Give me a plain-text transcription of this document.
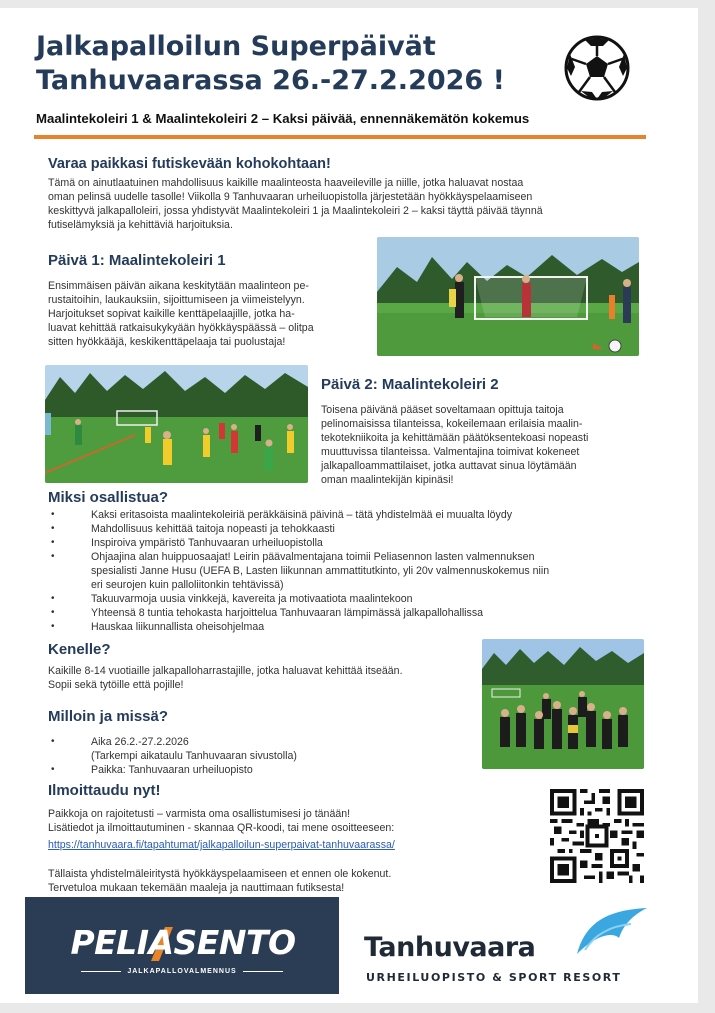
Jalkapalloilun Superpäivät
Tanhuvaarassa 26.-27.2.2026 !
Maalintekoleiri 1 & Maalintekoleiri 2 – Kaksi päivää, ennennäkemätön kokemus
Varaa paikkasi futiskevään kohokohtaan!

Tämä on ainutlaatuinen mahdollisuus kaikille maalinteosta haaveileville ja niille, jotka haluavat nostaa

oman pelinsä uudelle tasolle! Viikolla 9 Tanhuvaaran urheiluopistolla järjestetään hyökkäyspelaamiseen

keskittyvä jalkapalloleiri, jossa yhdistyvät Maalintekoleiri 1 ja Maalintekoleiri 2 – kaksi täyttä päivää täynnä

futiselämyksiä ja kehittäviä harjoituksia.

Päivä 1: Maalintekoleiri 1

Ensimmäisen päivän aikana keskitytään maalinteon pe-

rustaitoihin, laukauksiin, sijoittumiseen ja viimeistelyyn.

Harjoitukset sopivat kaikille kenttäpelaajille, jotka ha-

luavat kehittää ratkaisukykyään hyökkäyspäässä – olitpa

sitten hyökkääjä, keskikenttäpelaaja tai puolustaja!

Päivä 2: Maalintekoleiri 2

Toisena päivänä pääset soveltamaan opittuja taitoja

pelinomaisissa tilanteissa, kokeilemaan erilaisia maalin-

tekotekniikoita ja kehittämään päätöksentekoasi nopeasti

muuttuvissa tilanteissa. Valmentajina toimivat kokeneet

jalkapalloammattilaiset, jotka auttavat sinua löytämään

oman maalintekijän kipinäsi!

Miksi osallistua?
•	Kaksi eritasoista maalintekoleiriä peräkkäisinä päivinä – tätä yhdistelmää ei muualta löydy
•	Mahdollisuus kehittää taitoja nopeasti ja tehokkaasti
•	Inspiroiva ympäristö Tanhuvaaran urheiluopistolla
•	Ohjaajina alan huippuosaajat! Leirin päävalmentajana toimii Peliasennon lasten valmennuksen
spesialisti Janne Husu (UEFA B, Lasten liikunnan ammattitutkinto, yli 20v valmennuskokemus niin
eri seurojen kuin palloliitonkin tehtävissä)
•	Takuuvarmoja uusia vinkkejä, kavereita ja motivaatiota maalintekoon
•	Yhteensä 8 tuntia tehokasta harjoittelua Tanhuvaaran lämpimässä jalkapallohallissa
•	Hauskaa liikunnallista oheisohjelmaa
Kenelle?

Kaikille 8-14 vuotiaille jalkapalloharrastajille, jotka haluavat kehittää itseään.

Sopii sekä tytöille että pojille!

Milloin ja missä?
•	Aika 26.2.-27.2.2026
(Tarkempi aikataulu Tanhuvaaran sivustolla)
•	Paikka: Tanhuvaaran urheiluopisto
Ilmoittaudu nyt!

Paikkoja on rajoitetusti – varmista oma osallistumisesi jo tänään!

Lisätiedot ja ilmoittautuminen - skannaa QR-koodi, tai mene osoitteeseen:

https://tanhuvaara.fi/tapahtumat/jalkapalloilun-superpaivat-tanhuvaarassa/

Tällaista yhdistelmäleiritystä hyökkäyspelaamiseen et ennen ole kokenut.

Tervetuloa mukaan tekemään maaleja ja nauttimaan futiksesta!

PELIASENTO
JALKAPALLOVALMENNUS
Tanhuvaara
URHEILUOPISTO & SPORT RESORT
